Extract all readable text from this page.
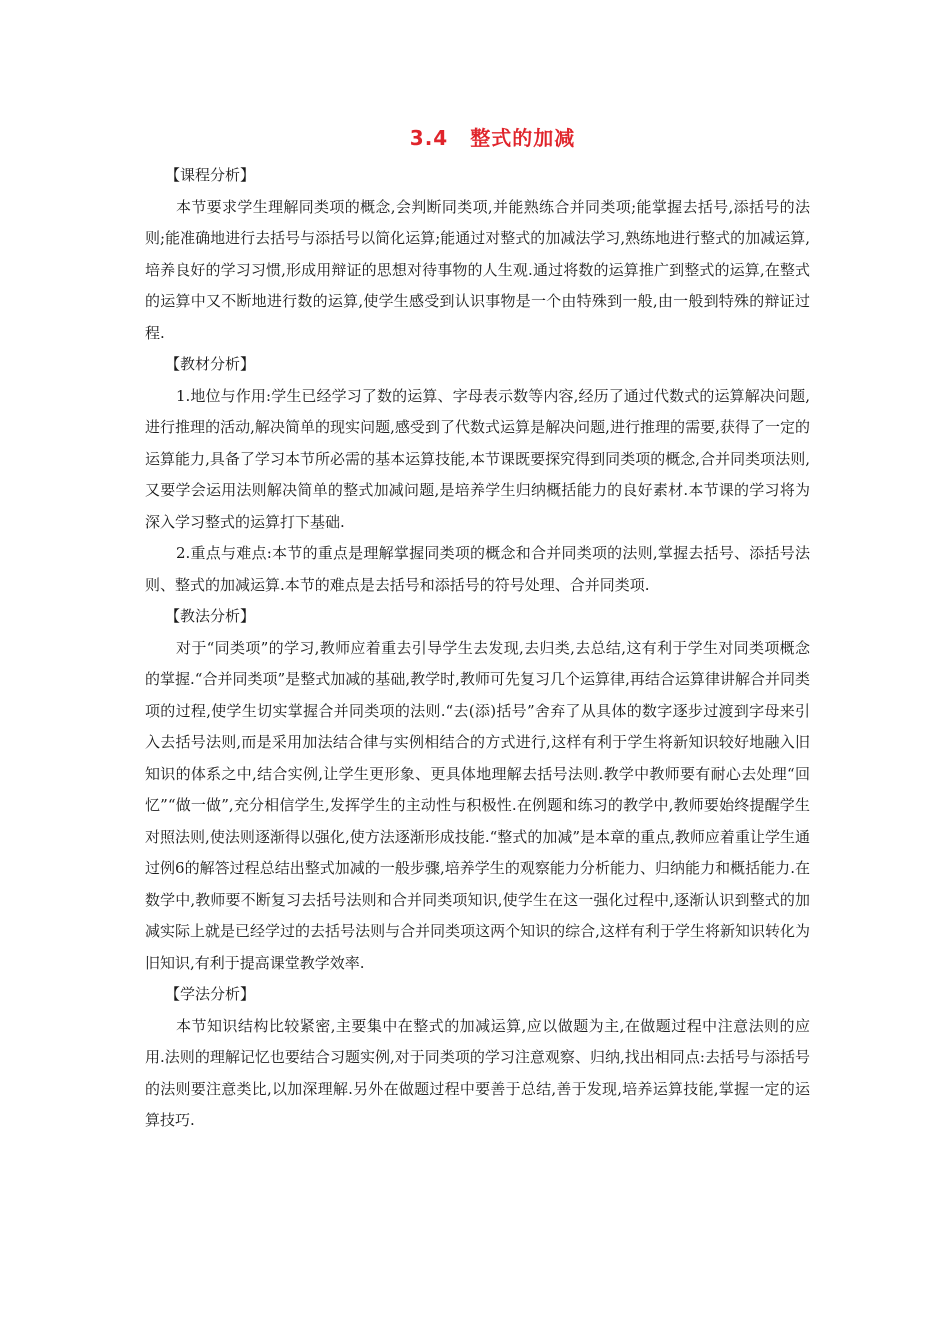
3.4 整式的加减
【课程分析】

本节要求学生理解同类项的概念,会判断同类项,并能熟练合并同类项;能掌握去括号,添括号的法则;能准确地进行去括号与添括号以简化运算;能通过对整式的加减法学习,熟练地进行整式的加减运算,培养良好的学习习惯,形成用辩证的思想对待事物的人生观.通过将数的运算推广到整式的运算,在整式的运算中又不断地进行数的运算,使学生感受到认识事物是一个由特殊到一般,由一般到特殊的辩证过程.

【教材分析】

1.地位与作用:学生已经学习了数的运算、字母表示数等内容,经历了通过代数式的运算解决问题,进行推理的活动,解决简单的现实问题,感受到了代数式运算是解决问题,进行推理的需要,获得了一定的运算能力,具备了学习本节所必需的基本运算技能,本节课既要探究得到同类项的概念,合并同类项法则,又要学会运用法则解决简单的整式加减问题,是培养学生归纳概括能力的良好素材.本节课的学习将为深入学习整式的运算打下基础.

2.重点与难点:本节的重点是理解掌握同类项的概念和合并同类项的法则,掌握去括号、添括号法则、整式的加减运算.本节的难点是去括号和添括号的符号处理、合并同类项.

【教法分析】

对于“同类项”的学习,教师应着重去引导学生去发现,去归类,去总结,这有利于学生对同类项概念的掌握.“合并同类项”是整式加减的基础,教学时,教师可先复习几个运算律,再结合运算律讲解合并同类项的过程,使学生切实掌握合并同类项的法则.“去(添)括号”舍弃了从具体的数字逐步过渡到字母来引入去括号法则,而是采用加法结合律与实例相结合的方式进行,这样有利于学生将新知识较好地融入旧知识的体系之中,结合实例,让学生更形象、更具体地理解去括号法则.教学中教师要有耐心去处理“回忆”“做一做”,充分相信学生,发挥学生的主动性与积极性.在例题和练习的教学中,教师要始终提醒学生对照法则,使法则逐渐得以强化,使方法逐渐形成技能.“整式的加减”是本章的重点,教师应着重让学生通过例6的解答过程总结出整式加减的一般步骤,培养学生的观察能力分析能力、归纳能力和概括能力.在数学中,教师要不断复习去括号法则和合并同类项知识,使学生在这一强化过程中,逐渐认识到整式的加减实际上就是已经学过的去括号法则与合并同类项这两个知识的综合,这样有利于学生将新知识转化为旧知识,有利于提高课堂教学效率.

【学法分析】

本节知识结构比较紧密,主要集中在整式的加减运算,应以做题为主,在做题过程中注意法则的应用.法则的理解记忆也要结合习题实例,对于同类项的学习注意观察、归纳,找出相同点:去括号与添括号的法则要注意类比,以加深理解.另外在做题过程中要善于总结,善于发现,培养运算技能,掌握一定的运算技巧.
